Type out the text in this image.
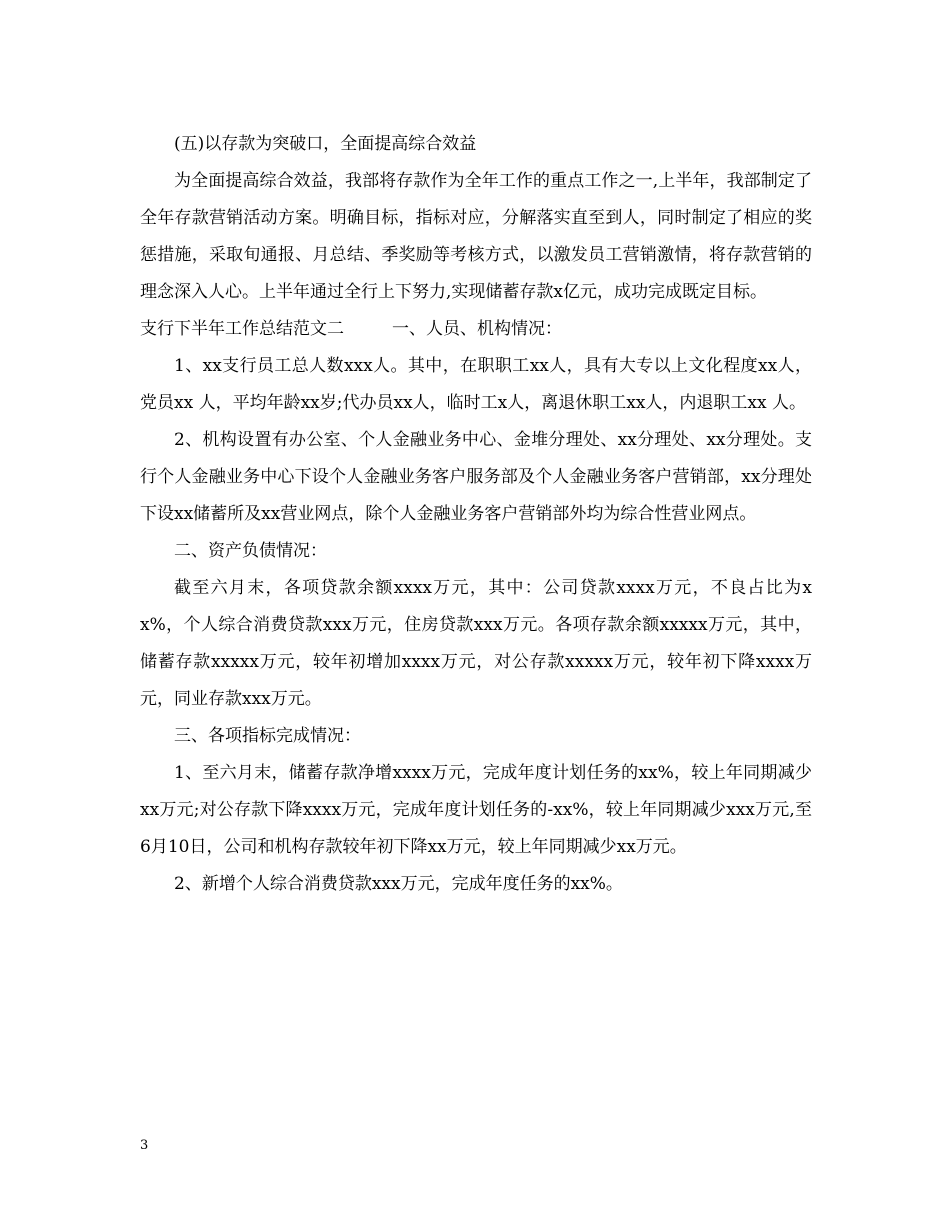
(五)以存款为突破口，全面提高综合效益

为全面提高综合效益，我部将存款作为全年工作的重点工作之一,上半年，我部制定了全年存款营销活动方案。明确目标，指标对应，分解落实直至到人，同时制定了相应的奖惩措施，采取旬通报、月总结、季奖励等考核方式，以激发员工营销激情，将存款营销的理念深入人心。上半年通过全行上下努力,实现储蓄存款x亿元，成功完成既定目标。

支行下半年工作总结范文二	一、人员、机构情况：

1、xx支行员工总人数xxx人。其中，在职职工xx人，具有大专以上文化程度xx人，党员xx 人，平均年龄xx岁;代办员xx人，临时工x人，离退休职工xx人，内退职工xx 人。

2、机构设置有办公室、个人金融业务中心、金堆分理处、xx分理处、xx分理处。支行个人金融业务中心下设个人金融业务客户服务部及个人金融业务客户营销部，xx分理处下设xx储蓄所及xx营业网点，除个人金融业务客户营销部外均为综合性营业网点。

二、资产负债情况：

截至六月末，各项贷款余额xxxx万元，其中：公司贷款xxxx万元，不良占比为xx%，个人综合消费贷款xxx万元，住房贷款xxx万元。各项存款余额xxxxx万元，其中，储蓄存款xxxxx万元，较年初增加xxxx万元，对公存款xxxxx万元，较年初下降xxxx万元，同业存款xxx万元。

三、各项指标完成情况：

1、至六月末，储蓄存款净增xxxx万元，完成年度计划任务的xx%，较上年同期减少xx万元;对公存款下降xxxx万元，完成年度计划任务的-xx%，较上年同期减少xxx万元,至6月10日，公司和机构存款较年初下降xx万元，较上年同期减少xx万元。

2、新增个人综合消费贷款xxx万元，完成年度任务的xx%。

3
